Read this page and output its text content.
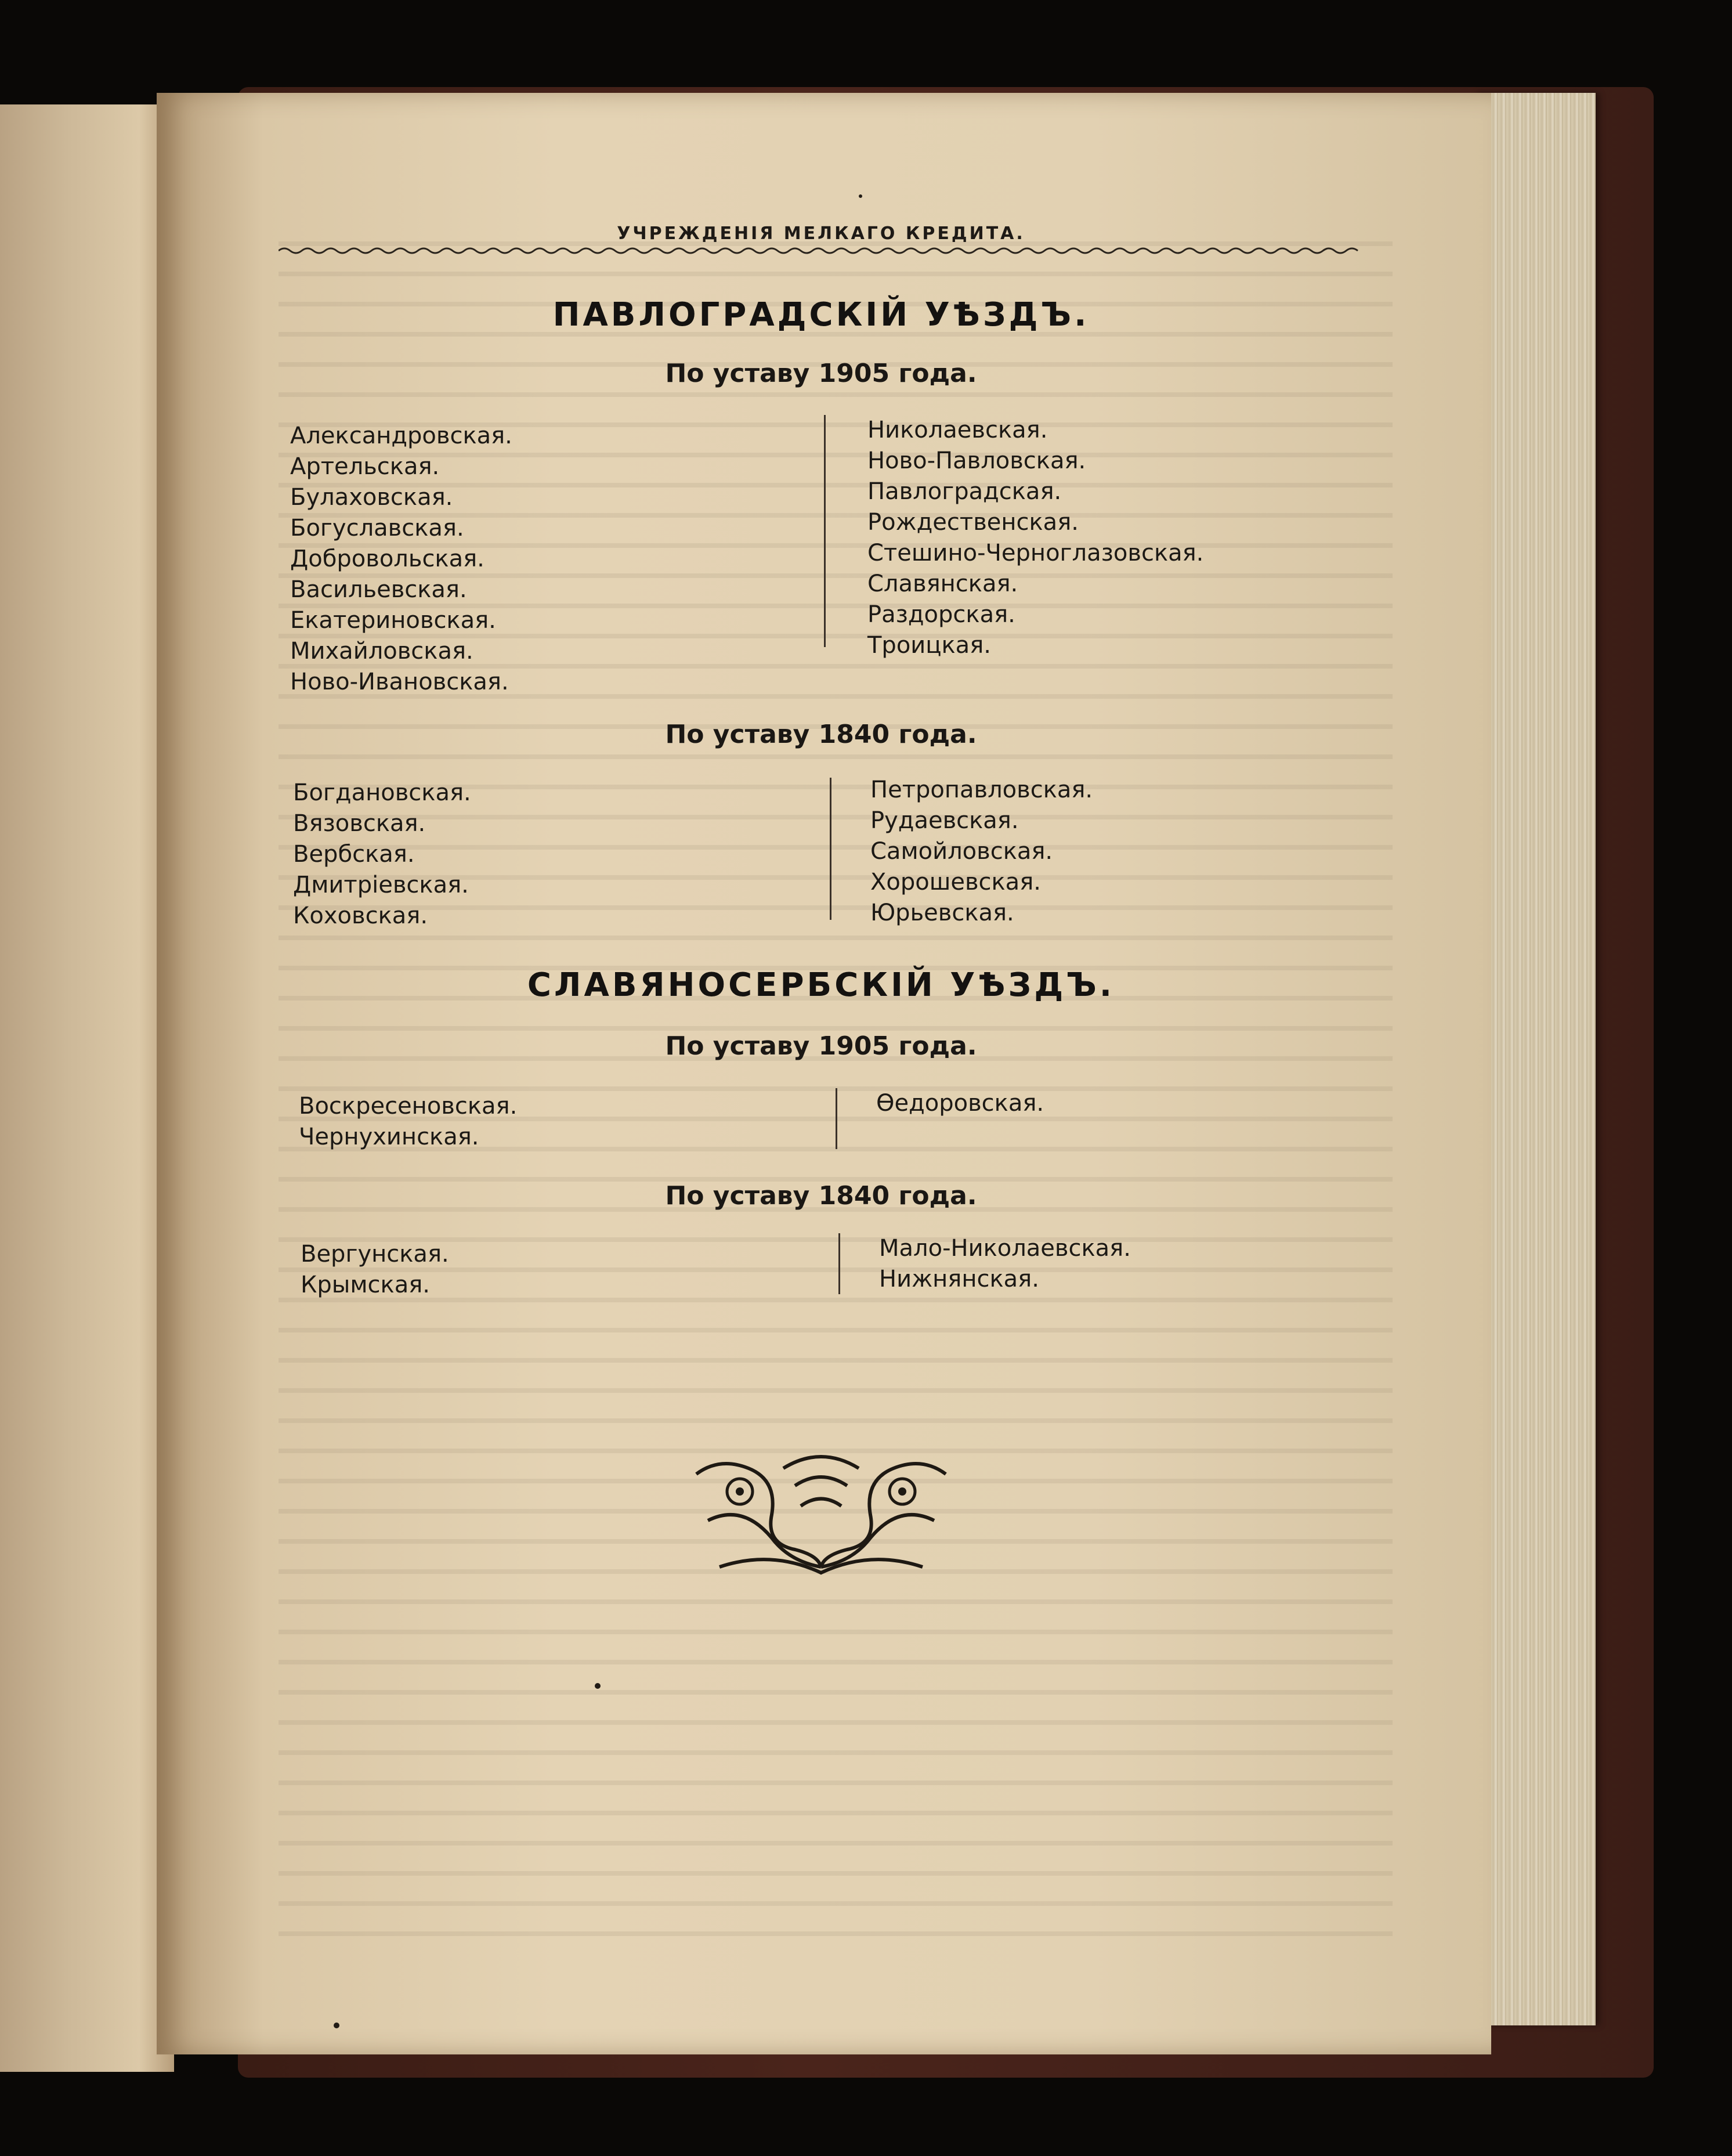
УЧРЕЖДЕНІЯ МЕЛКАГО КРЕДИТА.
ПАВЛОГРАДСКІЙ УѢЗДЪ.
По уставу 1905 года.
Александровская.
Артельская.
Булаховская.
Богуславская.
Добровольская.
Васильевская.
Екатериновская.
Михайловская.
Ново-Ивановская.
Николаевская.
Ново-Павловская.
Павлоградская.
Рождественская.
Стешино-Черноглазовская.
Славянская.
Раздорская.
Троицкая.
По уставу 1840 года.
Богдановская.
Вязовская.
Вербская.
Дмитріевская.
Коховская.
Петропавловская.
Рудаевская.
Самойловская.
Хорошевская.
Юрьевская.
СЛАВЯНОСЕРБСКІЙ УѢЗДЪ.
По уставу 1905 года.
Воскресеновская.
Чернухинская.
Ѳедоровская.
По уставу 1840 года.
Вергунская.
Крымская.
Мало-Николаевская.
Нижнянская.
